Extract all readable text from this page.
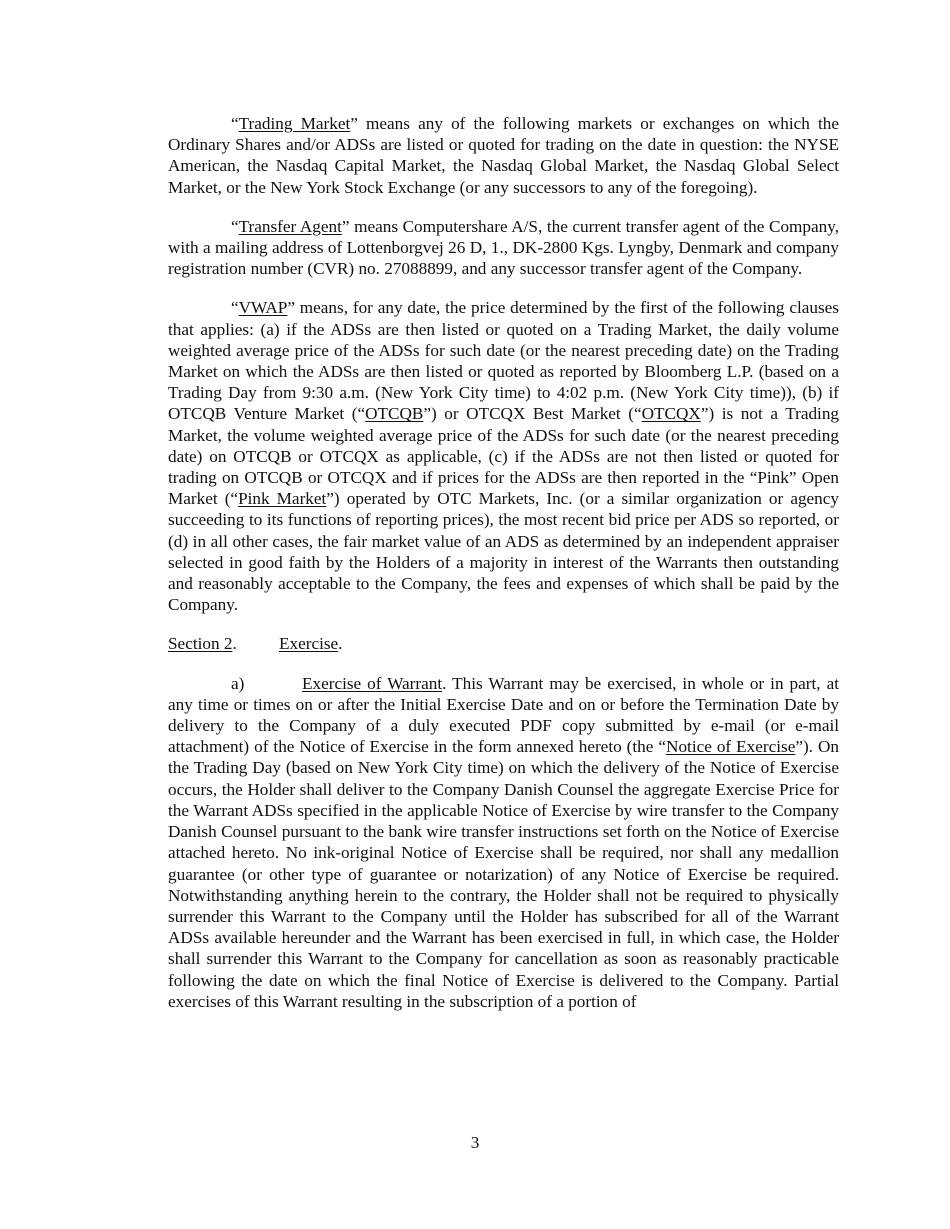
“Trading Market” means any of the following markets or exchanges on which the Ordinary Shares and/or ADSs are listed or quoted for trading on the date in question: the NYSE American, the Nasdaq Capital Market, the Nasdaq Global Market, the Nasdaq Global Select Market, or the New York Stock Exchange (or any successors to any of the foregoing).

“Transfer Agent” means Computershare A/S, the current transfer agent of the Company, with a mailing address of Lottenborgvej 26 D, 1., DK-2800 Kgs. Lyngby, Denmark and company registration number (CVR) no. 27088899, and any successor transfer agent of the Company.

“VWAP” means, for any date, the price determined by the first of the following clauses that applies: (a) if the ADSs are then listed or quoted on a Trading Market, the daily volume weighted average price of the ADSs for such date (or the nearest preceding date) on the Trading Market on which the ADSs are then listed or quoted as reported by Bloomberg L.P. (based on a Trading Day from 9:30 a.m. (New York City time) to 4:02 p.m. (New York City time)), (b) if OTCQB Venture Market (“OTCQB”) or OTCQX Best Market (“OTCQX”) is not a Trading Market, the volume weighted average price of the ADSs for such date (or the nearest preceding date) on OTCQB or OTCQX as applicable, (c) if the ADSs are not then listed or quoted for trading on OTCQB or OTCQX and if prices for the ADSs are then reported in the “Pink” Open Market (“Pink Market”) operated by OTC Markets, Inc. (or a similar organization or agency succeeding to its functions of reporting prices), the most recent bid price per ADS so reported, or (d) in all other cases, the fair market value of an ADS as determined by an independent appraiser selected in good faith by the Holders of a majority in interest of the Warrants then outstanding and reasonably acceptable to the Company, the fees and expenses of which shall be paid by the Company.

Section 2. Exercise.

a)	Exercise of Warrant. This Warrant may be exercised, in whole or in part, at any time or times on or after the Initial Exercise Date and on or before the Termination Date by delivery to the Company of a duly executed PDF copy submitted by e-mail (or e-mail attachment) of the Notice of Exercise in the form annexed hereto (the “Notice of Exercise”). On the Trading Day (based on New York City time) on which the delivery of the Notice of Exercise occurs, the Holder shall deliver to the Company Danish Counsel the aggregate Exercise Price for the Warrant ADSs specified in the applicable Notice of Exercise by wire transfer to the Company Danish Counsel pursuant to the bank wire transfer instructions set forth on the Notice of Exercise attached hereto. No ink-original Notice of Exercise shall be required, nor shall any medallion guarantee (or other type of guarantee or notarization) of any Notice of Exercise be required. Notwithstanding anything herein to the contrary, the Holder shall not be required to physically surrender this Warrant to the Company until the Holder has subscribed for all of the Warrant ADSs available hereunder and the Warrant has been exercised in full, in which case, the Holder shall surrender this Warrant to the Company for cancellation as soon as reasonably practicable following the date on which the final Notice of Exercise is delivered to the Company. Partial exercises of this Warrant resulting in the subscription of a portion of

3
